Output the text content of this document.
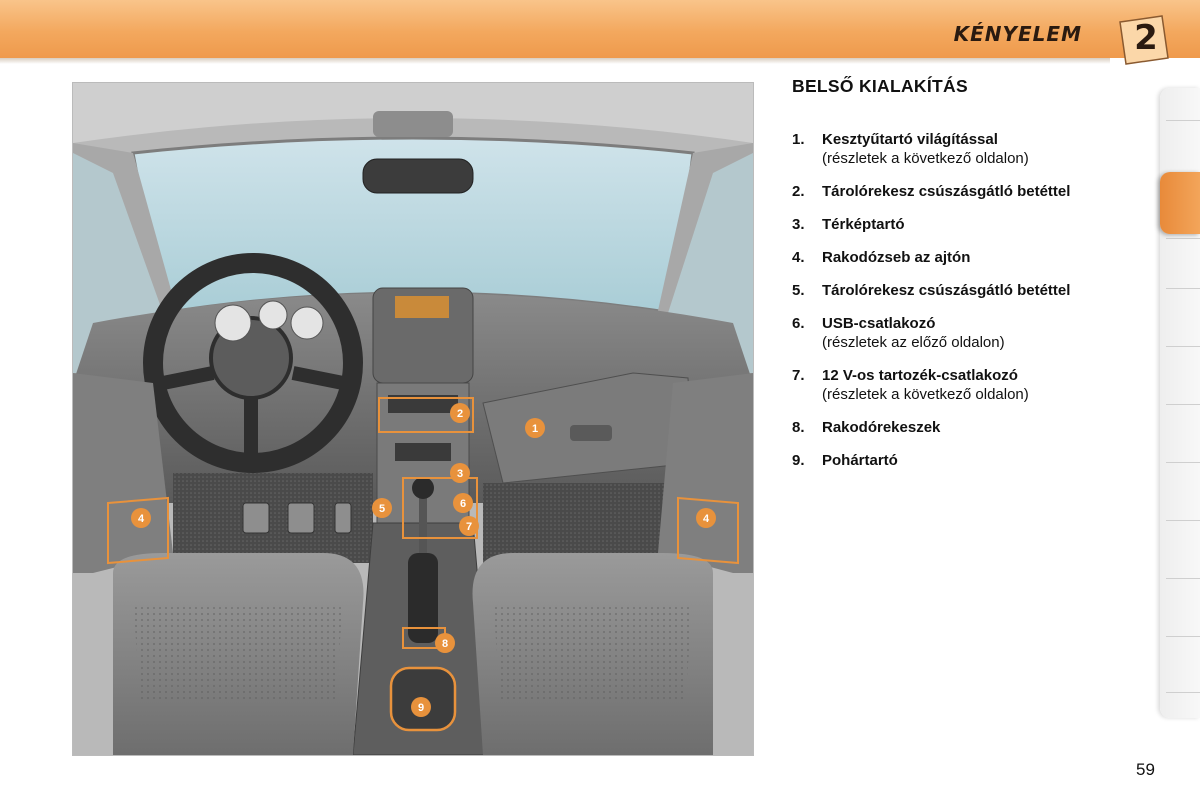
KÉNYELEM 2
1
2
3
4	4
5	6
7
8
9
BELSŐ KIALAKÍTÁS
1. Kesztyűtartó világítással
(részletek a következő oldalon)
2. Tárolórekesz csúszásgátló betéttel
3. Térképtartó
4. Rakodózseb az ajtón
5. Tárolórekesz csúszásgátló betéttel
6. USB-csatlakozó
(részletek az előző oldalon)
7. 12 V-os tartozék-csatlakozó
(részletek a következő oldalon)
8. Rakodórekeszek
9. Pohártartó
59
